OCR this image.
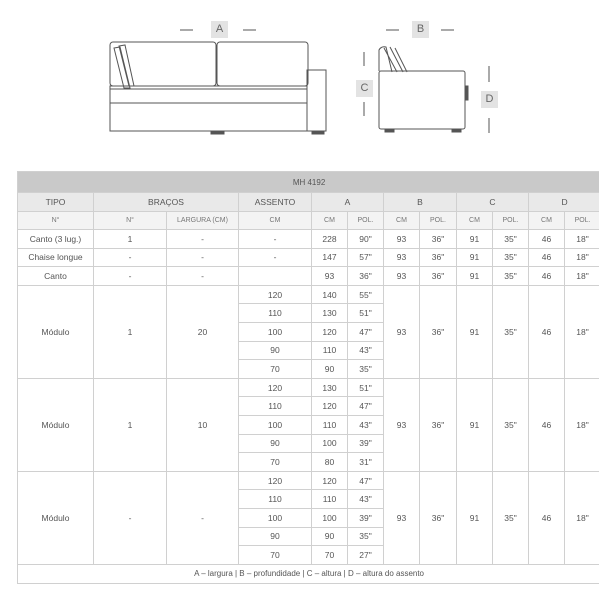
A	B
C
D
MH 4192											
TIPO	BRAÇOS		ASSENTO	A		B		C		D	
N°	N°	LARGURA (CM)	CM	CM	POL.	CM	POL.	CM	POL.	CM	POL.
Canto (3 lug.)	1	-	-	228	90"	93	36"	91	35"	46	18"
Chaise longue	-	-	-	147	57"	93	36"	91	35"	46	18"
Canto	-	-		93	36"	93	36"	91	35"	46	18"
Módulo	1	20	120	140	55"	93	36"	91	35"	46	18"
			110	130	51"						
			100	120	47"						
			90	110	43"						
			70	90	35"						
Módulo	1	10	120	130	51"	93	36"	91	35"	46	18"
			110	120	47"						
			100	110	43"						
			90	100	39"						
			70	80	31"						
Módulo	-	-	120	120	47"	93	36"	91	35"	46	18"
			110	110	43"						
			100	100	39"						
			90	90	35"						
			70	70	27"						
A – largura | B – profundidade | C – altura | D – altura do assento											
